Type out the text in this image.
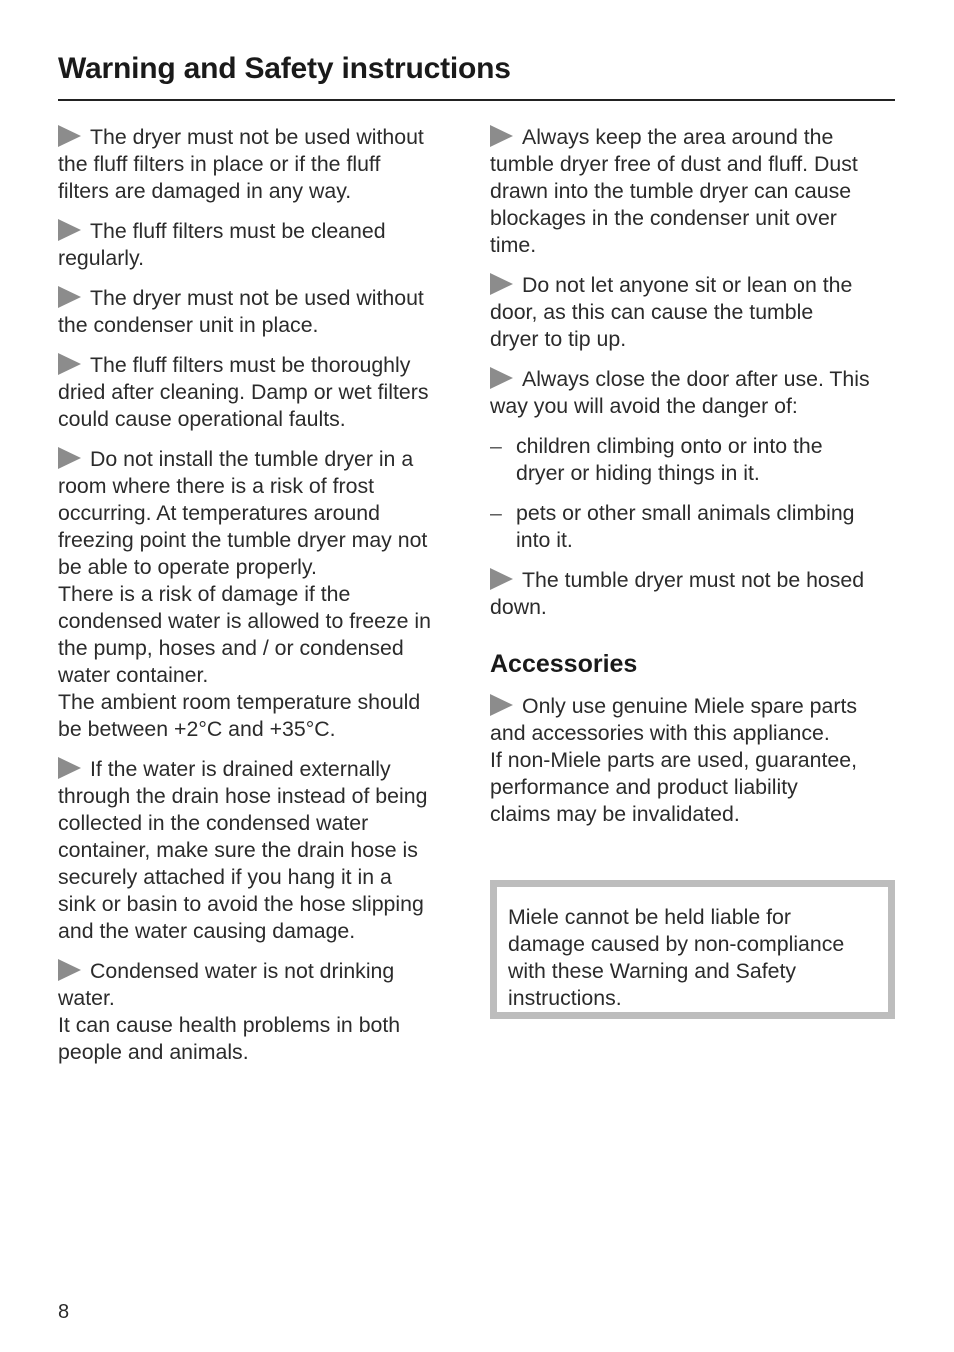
Warning and Safety instructions
The dryer must not be used without
the fluff filters in place or if the fluff
filters are damaged in any way.
The fluff filters must be cleaned
regularly.
The dryer must not be used without
the condenser unit in place.
The fluff filters must be thoroughly
dried after cleaning. Damp or wet filters
could cause operational faults.
Do not install the tumble dryer in a
room where there is a risk of frost
occurring. At temperatures around
freezing point the tumble dryer may not
be able to operate properly.
There is a risk of damage if the
condensed water is allowed to freeze in
the pump, hoses and / or condensed
water container.
The ambient room temperature should
be between +2°C and +35°C.
If the water is drained externally
through the drain hose instead of being
collected in the condensed water
container, make sure the drain hose is
securely attached if you hang it in a
sink or basin to avoid the hose slipping
and the water causing damage.
Condensed water is not drinking
water.
It can cause health problems in both
people and animals.
Always keep the area around the
tumble dryer free of dust and fluff. Dust
drawn into the tumble dryer can cause
blockages in the condenser unit over
time.
Do not let anyone sit or lean on the
door, as this can cause the tumble
dryer to tip up.
Always close the door after use. This
way you will avoid the danger of:
– children climbing onto or into the
dryer or hiding things in it.
– pets or other small animals climbing
into it.
The tumble dryer must not be hosed
down.
Accessories
Only use genuine Miele spare parts
and accessories with this appliance.
If non-Miele parts are used, guarantee,
performance and product liability
claims may be invalidated.
Miele cannot be held liable for
damage caused by non-compliance
with these Warning and Safety
instructions.
8
